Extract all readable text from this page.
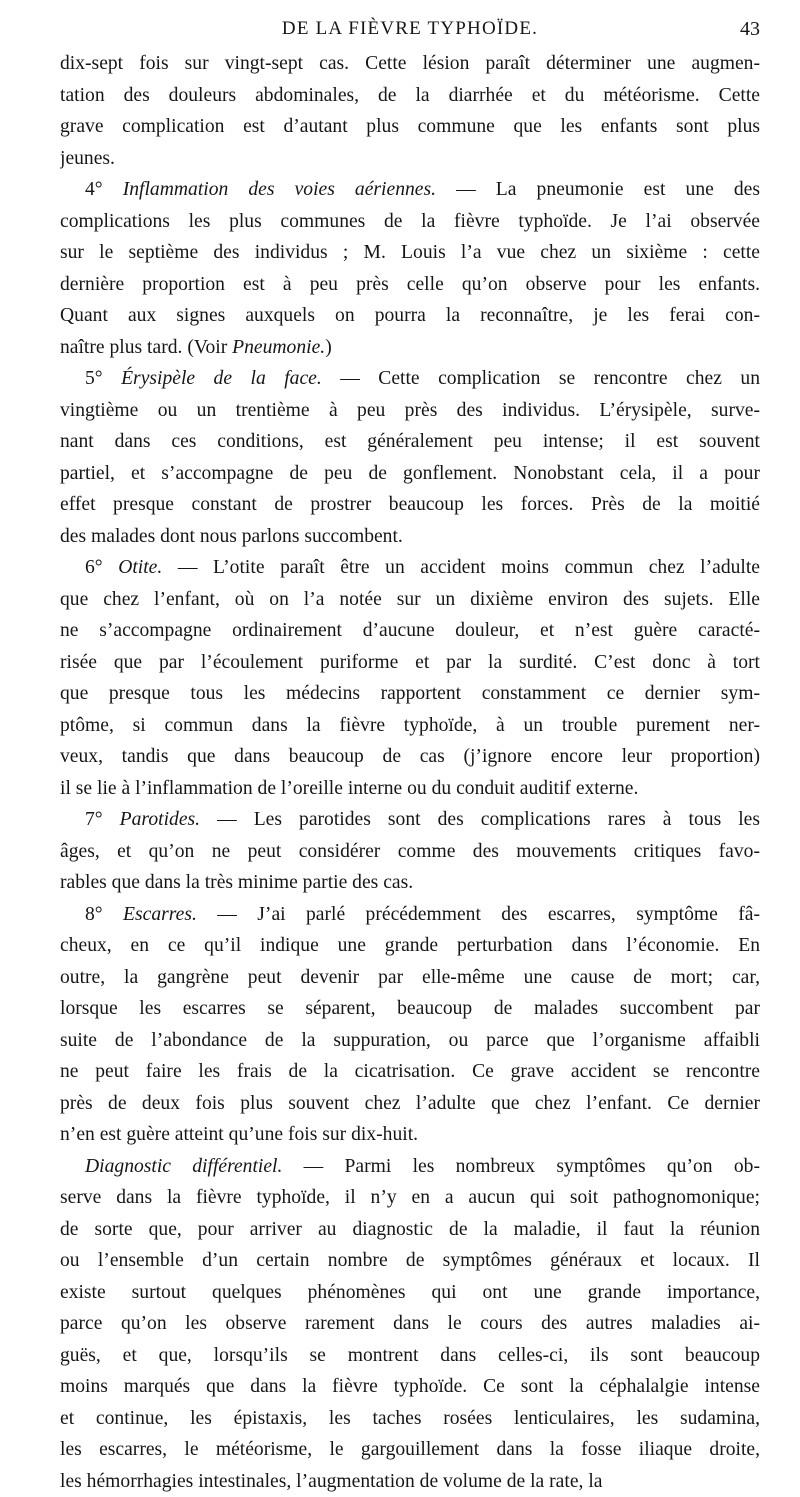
DE LA FIÈVRE TYPHOÏDE.	43
dix-sept fois sur vingt-sept cas. Cette lésion paraît déterminer une augmen-
tation des douleurs abdominales, de la diarrhée et du météorisme. Cette
grave complication est d’autant plus commune que les enfants sont plus
jeunes.
4° Inflammation des voies aériennes. — La pneumonie est une des
complications les plus communes de la fièvre typhoïde. Je l’ai observée
sur le septième des individus ; M. Louis l’a vue chez un sixième : cette
dernière proportion est à peu près celle qu’on observe pour les enfants.
Quant aux signes auxquels on pourra la reconnaître, je les ferai con-
naître plus tard. (Voir Pneumonie.)
5° Érysipèle de la face. — Cette complication se rencontre chez un
vingtième ou un trentième à peu près des individus. L’érysipèle, surve-
nant dans ces conditions, est généralement peu intense; il est souvent
partiel, et s’accompagne de peu de gonflement. Nonobstant cela, il a pour
effet presque constant de prostrer beaucoup les forces. Près de la moitié
des malades dont nous parlons succombent.
6° Otite. — L’otite paraît être un accident moins commun chez l’adulte
que chez l’enfant, où on l’a notée sur un dixième environ des sujets. Elle
ne s’accompagne ordinairement d’aucune douleur, et n’est guère caracté-
risée que par l’écoulement puriforme et par la surdité. C’est donc à tort
que presque tous les médecins rapportent constamment ce dernier sym-
ptôme, si commun dans la fièvre typhoïde, à un trouble purement ner-
veux, tandis que dans beaucoup de cas (j’ignore encore leur proportion)
il se lie à l’inflammation de l’oreille interne ou du conduit auditif externe.
7° Parotides. — Les parotides sont des complications rares à tous les
âges, et qu’on ne peut considérer comme des mouvements critiques favo-
rables que dans la très minime partie des cas.
8° Escarres. — J’ai parlé précédemment des escarres, symptôme fâ-
cheux, en ce qu’il indique une grande perturbation dans l’économie. En
outre, la gangrène peut devenir par elle-même une cause de mort; car,
lorsque les escarres se séparent, beaucoup de malades succombent par
suite de l’abondance de la suppuration, ou parce que l’organisme affaibli
ne peut faire les frais de la cicatrisation. Ce grave accident se rencontre
près de deux fois plus souvent chez l’adulte que chez l’enfant. Ce dernier
n’en est guère atteint qu’une fois sur dix-huit.
Diagnostic différentiel. — Parmi les nombreux symptômes qu’on ob-
serve dans la fièvre typhoïde, il n’y en a aucun qui soit pathognomonique;
de sorte que, pour arriver au diagnostic de la maladie, il faut la réunion
ou l’ensemble d’un certain nombre de symptômes généraux et locaux. Il
existe surtout quelques phénomènes qui ont une grande importance,
parce qu’on les observe rarement dans le cours des autres maladies ai-
guës, et que, lorsqu’ils se montrent dans celles-ci, ils sont beaucoup
moins marqués que dans la fièvre typhoïde. Ce sont la céphalalgie intense
et continue, les épistaxis, les taches rosées lenticulaires, les sudamina,
les escarres, le météorisme, le gargouillement dans la fosse iliaque droite,
les hémorrhagies intestinales, l’augmentation de volume de la rate, la
